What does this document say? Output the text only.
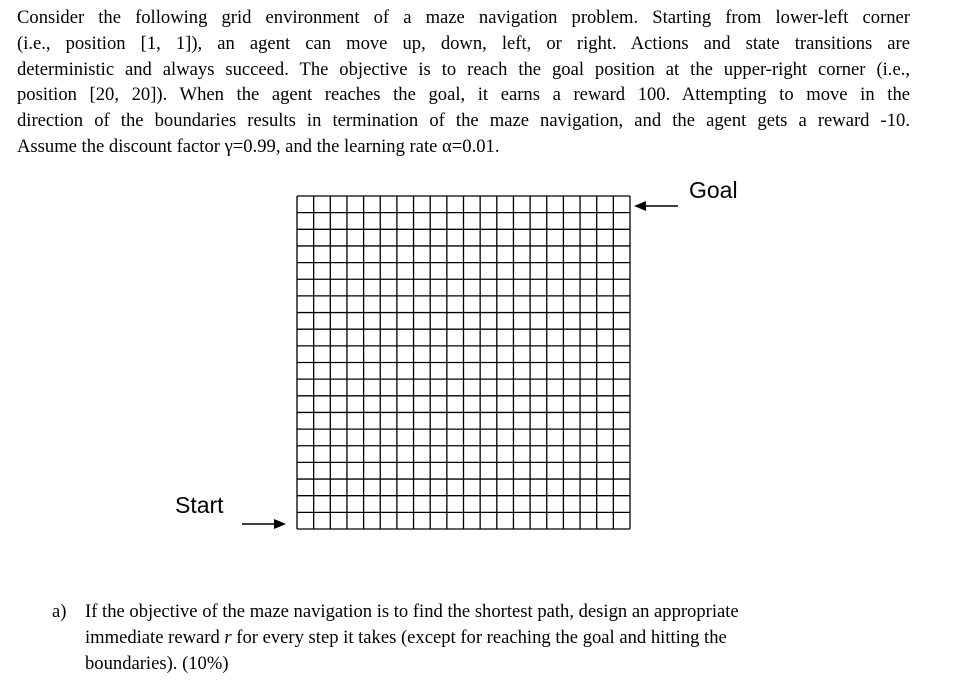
Consider the following grid environment of a maze navigation problem. Starting from lower-left corner
(i.e., position [1, 1]), an agent can move up, down, left, or right. Actions and state transitions are
deterministic and always succeed. The objective is to reach the goal position at the upper-right corner (i.e.,
position [20, 20]). When the agent reaches the goal, it earns a reward 100. Attempting to move in the
direction of the boundaries results in termination of the maze navigation, and the agent gets a reward -10.
Assume the discount factor γ=0.99, and the learning rate α=0.01.
Goal
Start
a) If the objective of the maze navigation is to find the shortest path, design an appropriate
immediate reward r for every step it takes (except for reaching the goal and hitting the
boundaries). (10%)
